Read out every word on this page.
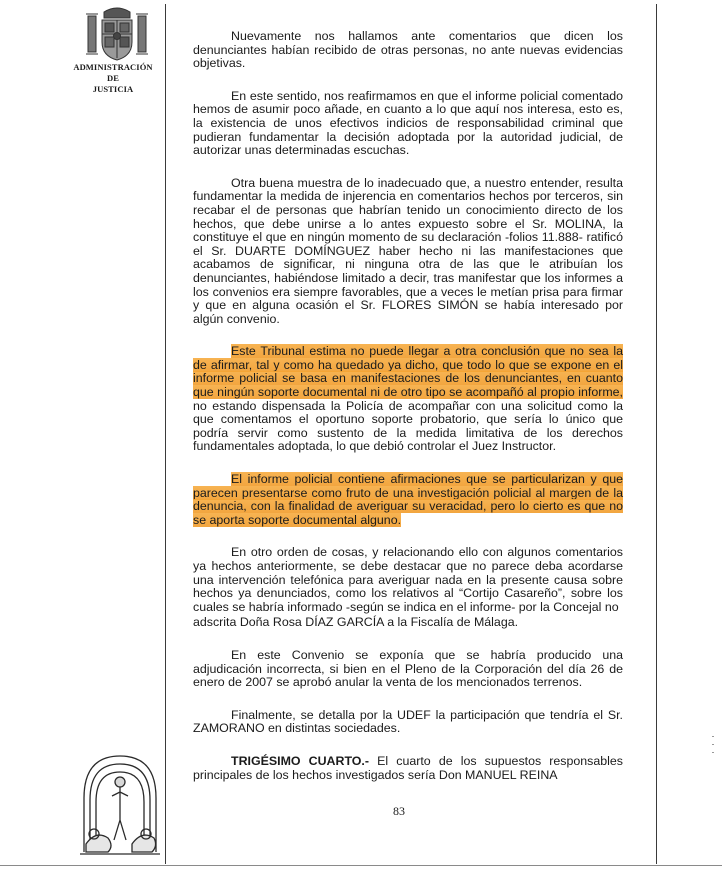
ADMINISTRACIÓN
DE
JUSTICIA
Nuevamente nos hallamos ante comentarios que dicen los denunciantes habían recibido de otras personas, no ante nuevas evidencias objetivas.
En este sentido, nos reafirmamos en que el informe policial comentado hemos de asumir poco añade, en cuanto a lo que aquí nos interesa, esto es, la existencia de unos efectivos indicios de responsabilidad criminal que pudieran fundamentar la decisión adoptada por la autoridad judicial, de autorizar unas determinadas escuchas.
Otra buena muestra de lo inadecuado que, a nuestro entender, resulta fundamentar la medida de injerencia en comentarios hechos por terceros, sin recabar el de personas que habrían tenido un conocimiento directo de los hechos, que debe unirse a lo antes expuesto sobre el Sr. MOLINA, la constituye el que en ningún momento de su declaración -folios 11.888- ratificó el Sr. DUARTE DOMÍNGUEZ haber hecho ni las manifestaciones que acabamos de significar, ni ninguna otra de las que le atribuían los denunciantes, habiéndose limitado a decir, tras manifestar que los informes a los convenios era siempre favorables, que a veces le metían prisa para firmar y que en alguna ocasión el Sr. FLORES SIMÓN se había interesado por algún convenio.
Este Tribunal estima no puede llegar a otra conclusión que no sea la de afirmar, tal y como ha quedado ya dicho, que todo lo que se expone en el informe policial se basa en manifestaciones de los denunciantes, en cuanto que ningún soporte documental ni de otro tipo se acompañó al propio informe, no estando dispensada la Policía de acompañar con una solicitud como la que comentamos el oportuno soporte probatorio, que sería lo único que podría servir como sustento de la medida limitativa de los derechos fundamentales adoptada, lo que debió controlar el Juez Instructor.
El informe policial contiene afirmaciones que se particularizan y que parecen presentarse como fruto de una investigación policial al margen de la denuncia, con la finalidad de averiguar su veracidad, pero lo cierto es que no se aporta soporte documental alguno.
En otro orden de cosas, y relacionando ello con algunos comentarios ya hechos anteriormente, se debe destacar que no parece deba acordarse una intervención telefónica para averiguar nada en la presente causa sobre hechos ya denunciados, como los relativos al “Cortijo Casareño”, sobre los cuales se habría informado -según se indica en el informe- por la Concejal no
adscrita Doña Rosa DÍAZ GARCÍA a la Fiscalía de Málaga.
En este Convenio se exponía que se habría producido una adjudicación incorrecta, si bien en el Pleno de la Corporación del día 26 de enero de 2007 se aprobó anular la venta de los mencionados terrenos.
Finalmente, se detalla por la UDEF la participación que tendría el Sr. ZAMORANO en distintas sociedades.
TRIGÉSIMO CUARTO.- El cuarto de los supuestos responsables principales de los hechos investigados sería Don MANUEL REINA
83
